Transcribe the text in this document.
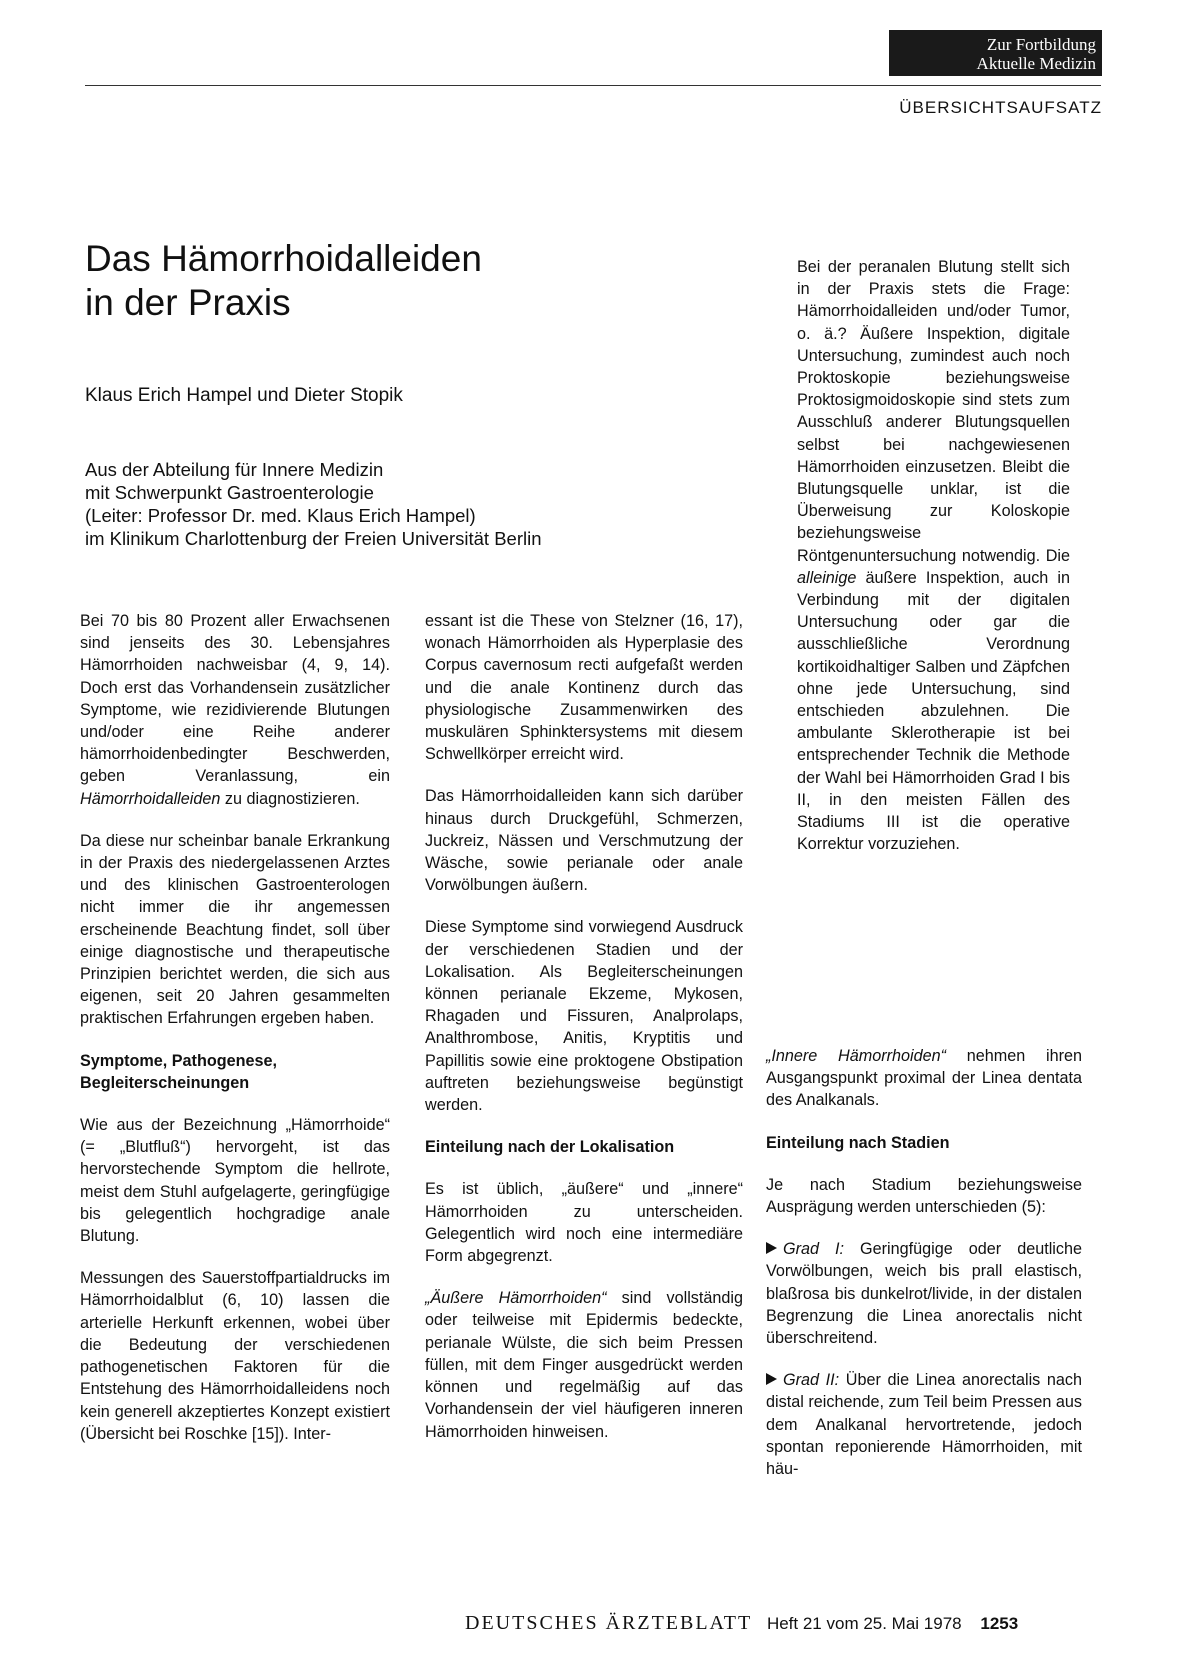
Zur Fortbildung
Aktuelle Medizin
ÜBERSICHTSAUFSATZ
Das Hämorrhoidalleiden
in der Praxis
Klaus Erich Hampel und Dieter Stopik
Aus der Abteilung für Innere Medizin
mit Schwerpunkt Gastroenterologie
(Leiter: Professor Dr. med. Klaus Erich Hampel)
im Klinikum Charlottenburg der Freien Universität Berlin

Bei 70 bis 80 Prozent aller Erwachsenen sind jenseits des 30. Lebensjahres Hämorrhoiden nachweisbar (4, 9, 14). Doch erst das Vorhandensein zusätzlicher Symptome, wie rezidivierende Blutungen und/oder eine Reihe anderer hämorrhoidenbedingter Beschwerden, geben Veranlassung, ein Hämorrhoidalleiden zu diagnostizieren.

Da diese nur scheinbar banale Erkrankung in der Praxis des niedergelassenen Arztes und des klinischen Gastroenterologen nicht immer die ihr angemessen erscheinende Beachtung findet, soll über einige diagnostische und therapeutische Prinzipien berichtet werden, die sich aus eigenen, seit 20 Jahren gesammelten praktischen Erfahrungen ergeben haben.

Symptome, Pathogenese, Begleiterscheinungen

Wie aus der Bezeichnung „Hämorrhoide“ (= „Blutfluß“) hervorgeht, ist das hervorstechende Symptom die hellrote, meist dem Stuhl aufgelagerte, geringfügige bis gelegentlich hochgradige anale Blutung.

Messungen des Sauerstoffpartialdrucks im Hämorrhoidalblut (6, 10) lassen die arterielle Herkunft erkennen, wobei über die Bedeutung der verschiedenen pathogenetischen Faktoren für die Entstehung des Hämorrhoidalleidens noch kein generell akzeptiertes Konzept existiert (Übersicht bei Roschke [15]). Inter-

essant ist die These von Stelzner (16, 17), wonach Hämorrhoiden als Hyperplasie des Corpus cavernosum recti aufgefaßt werden und die anale Kontinenz durch das physiologische Zusammenwirken des muskulären Sphinktersystems mit diesem Schwellkörper erreicht wird.

Das Hämorrhoidalleiden kann sich darüber hinaus durch Druckgefühl, Schmerzen, Juckreiz, Nässen und Verschmutzung der Wäsche, sowie perianale oder anale Vorwölbungen äußern.

Diese Symptome sind vorwiegend Ausdruck der verschiedenen Stadien und der Lokalisation. Als Begleiterscheinungen können perianale Ekzeme, Mykosen, Rhagaden und Fissuren, Analprolaps, Analthrombose, Anitis, Kryptitis und Papillitis sowie eine proktogene Obstipation auftreten beziehungsweise begünstigt werden.

Einteilung nach der Lokalisation

Es ist üblich, „äußere“ und „innere“ Hämorrhoiden zu unterscheiden. Gelegentlich wird noch eine intermediäre Form abgegrenzt.

„Äußere Hämorrhoiden“ sind vollständig oder teilweise mit Epidermis bedeckte, perianale Wülste, die sich beim Pressen füllen, mit dem Finger ausgedrückt werden können und regelmäßig auf das Vorhandensein der viel häufigeren inneren Hämorrhoiden hinweisen.

Bei der peranalen Blutung stellt sich in der Praxis stets die Frage: Hämorrhoidalleiden und/oder Tumor, o. ä.? Äußere Inspektion, digitale Untersuchung, zumindest auch noch Proktoskopie beziehungsweise Proktosigmoidoskopie sind stets zum Ausschluß anderer Blutungsquellen selbst bei nachgewiesenen Hämorrhoiden einzusetzen. Bleibt die Blutungsquelle unklar, ist die Überweisung zur Koloskopie beziehungsweise Röntgenuntersuchung notwendig. Die alleinige äußere Inspektion, auch in Verbindung mit der digitalen Untersuchung oder gar die ausschließliche Verordnung kortikoidhaltiger Salben und Zäpfchen ohne jede Untersuchung, sind entschieden abzulehnen. Die ambulante Sklerotherapie ist bei entsprechender Technik die Methode der Wahl bei Hämorrhoiden Grad I bis II, in den meisten Fällen des Stadiums III ist die operative Korrektur vorzuziehen.

„Innere Hämorrhoiden“ nehmen ihren Ausgangspunkt proximal der Linea dentata des Analkanals.

Einteilung nach Stadien

Je nach Stadium beziehungsweise Ausprägung werden unterschieden (5):

Grad I: Geringfügige oder deutliche Vorwölbungen, weich bis prall elastisch, blaßrosa bis dunkelrot/livide, in der distalen Begrenzung die Linea anorectalis nicht überschreitend.

Grad II: Über die Linea anorectalis nach distal reichende, zum Teil beim Pressen aus dem Analkanal hervortretende, jedoch spontan reponierende Hämorrhoiden, mit häu-

DEUTSCHES ÄRZTEBLATT Heft 21 vom 25. Mai 1978 1253
